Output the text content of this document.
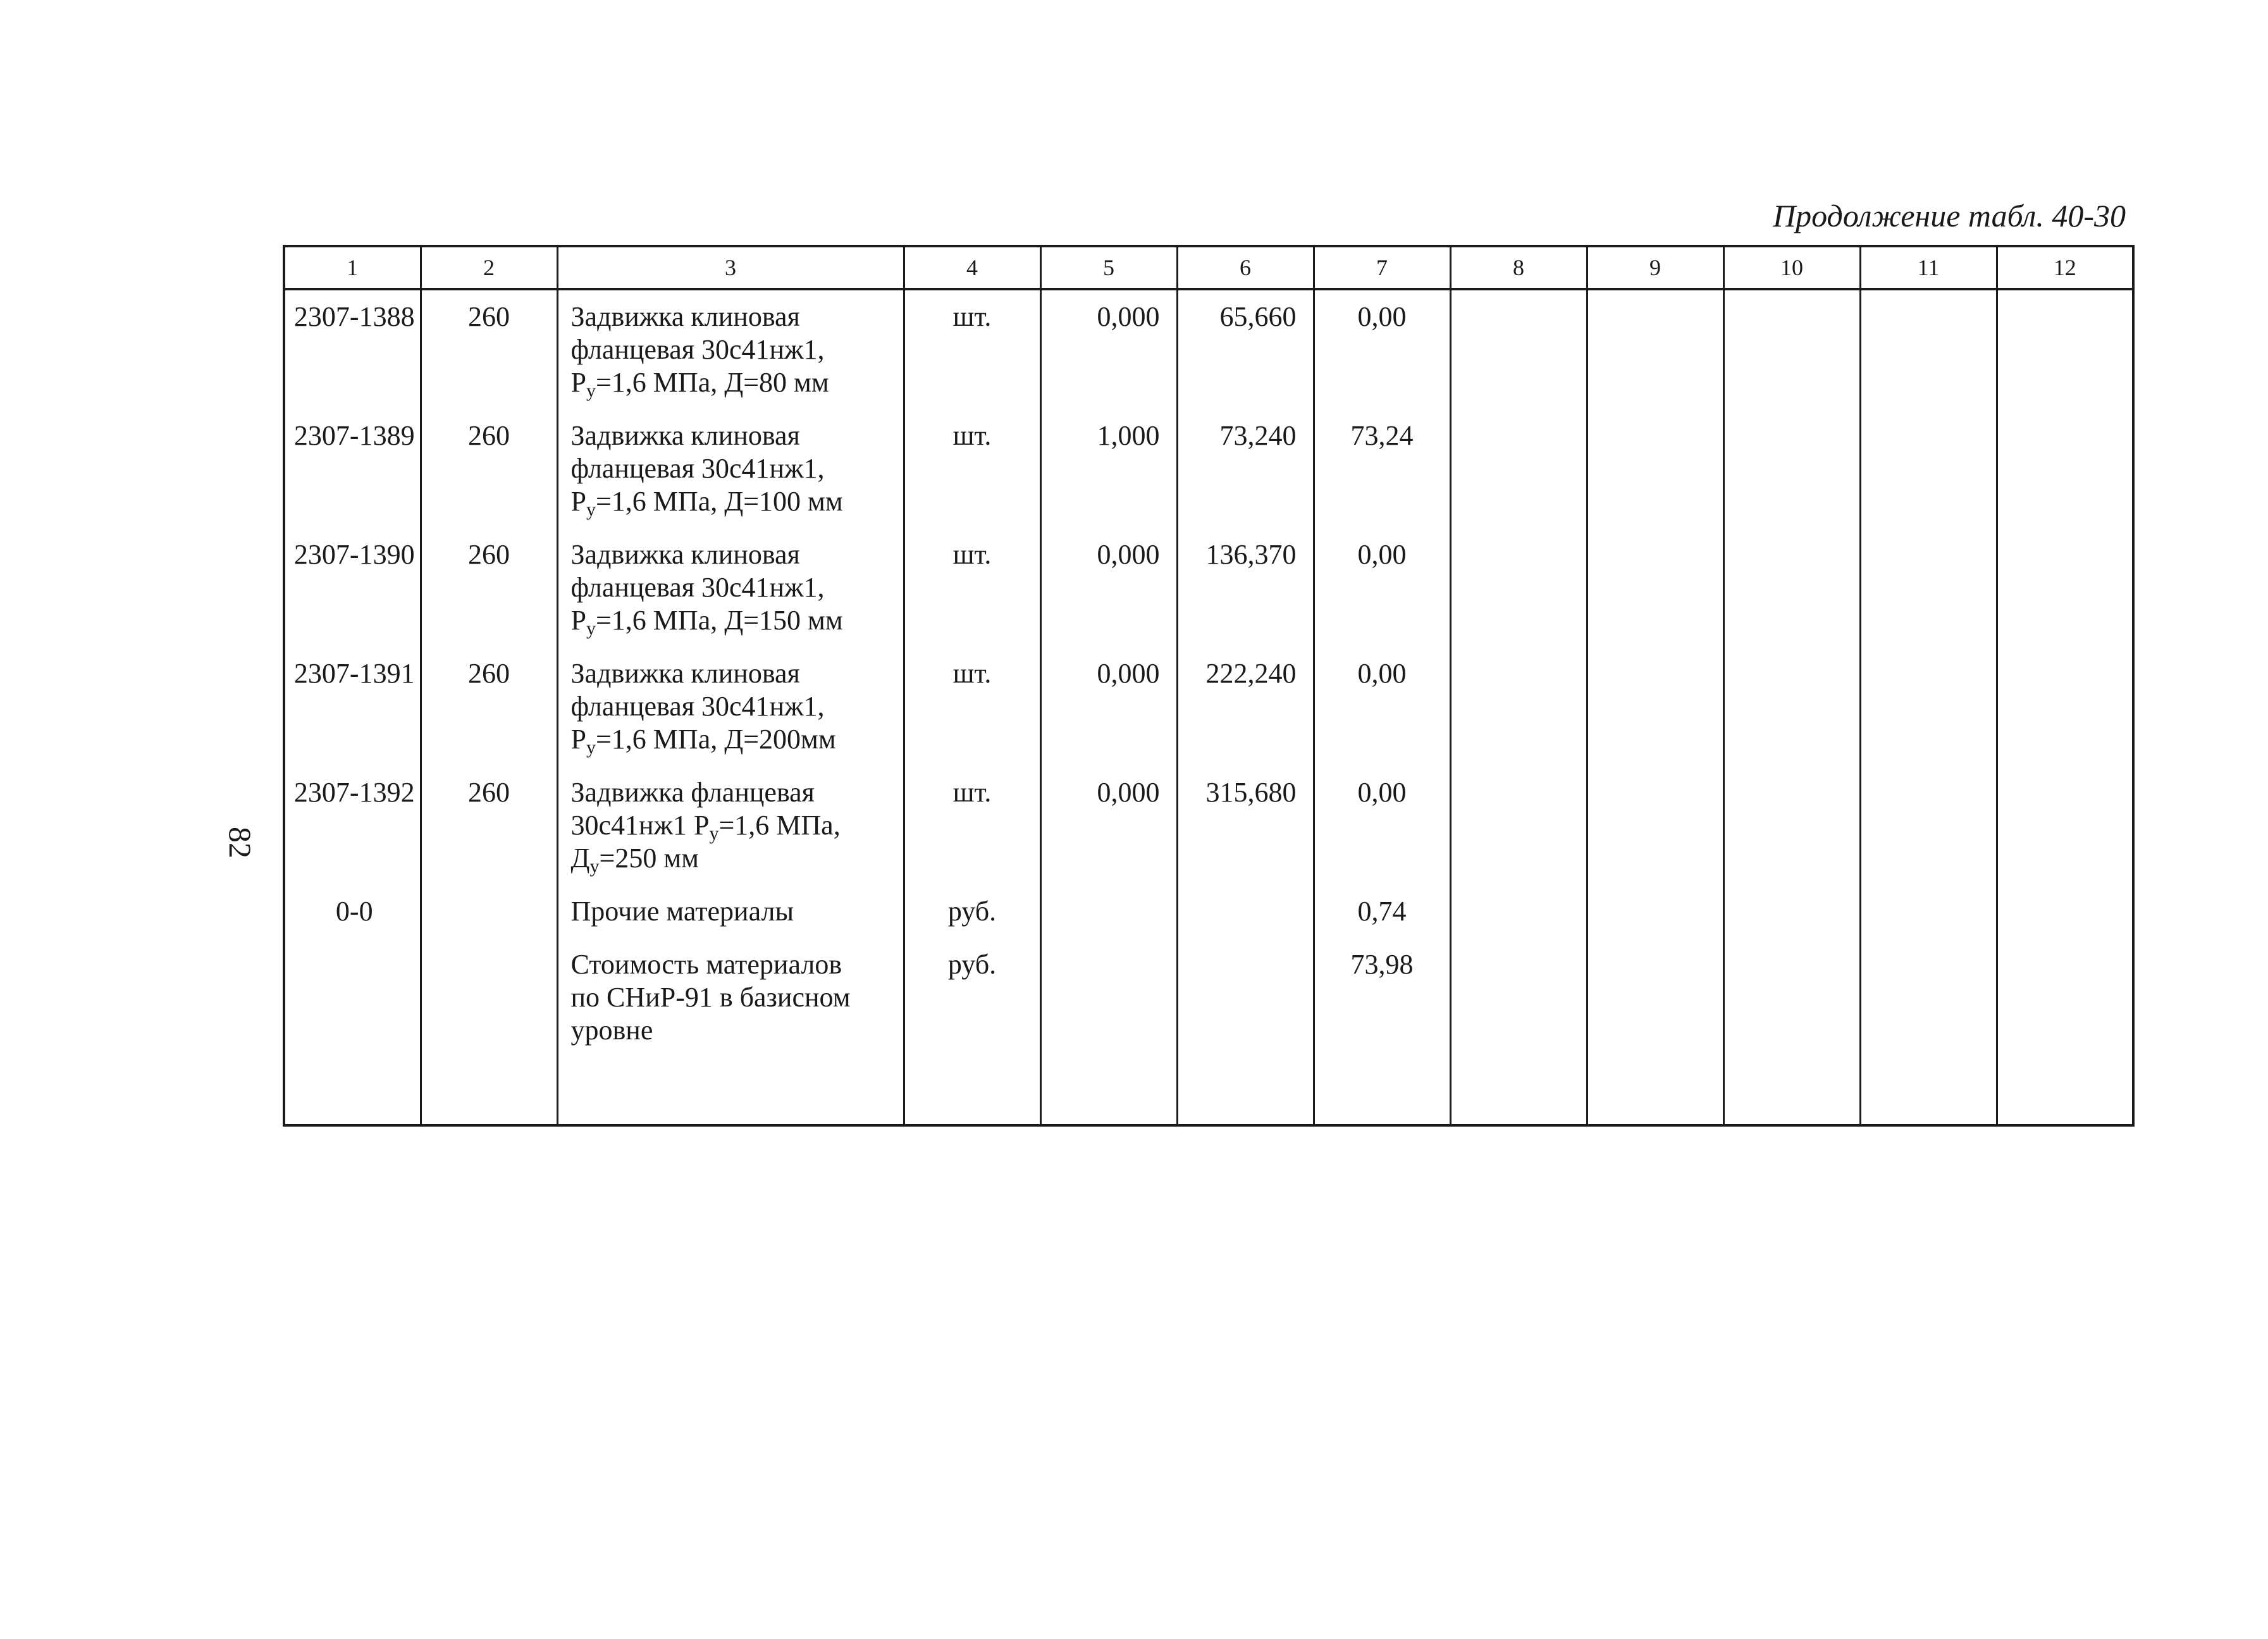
Продолжение табл. 40-30
82
1	2	3	4	5	6	7	8	9	10	11	12
2307-1388	260	Задвижка клиновая
фланцевая 30с41нж1,
$Р_у=1,6$ МПа, Д=80 мм	шт.	0,000	65,660	0,00					
2307-1389	260	Задвижка клиновая
фланцевая 30с41нж1,
$Р_у=1,6$ МПа, Д=100 мм	шт.	1,000	73,240	73,24					
2307-1390	260	Задвижка клиновая
фланцевая 30с41нж1,
$Р_у=1,6$ МПа, Д=150 мм	шт.	0,000	136,370	0,00					
2307-1391	260	Задвижка клиновая
фланцевая 30с41нж1,
$Р_у=1,6$ МПа, Д=200мм	шт.	0,000	222,240	0,00					
2307-1392	260	Задвижка фланцевая
30с41нж1 $Р_у=1,6$ МПа,
$Д_у=250$ мм	шт.	0,000	315,680	0,00					
0-0		Прочие материалы	руб.			0,74					
		Стоимость материалов
по СНиР-91 в базисном
уровне	руб.			73,98					
